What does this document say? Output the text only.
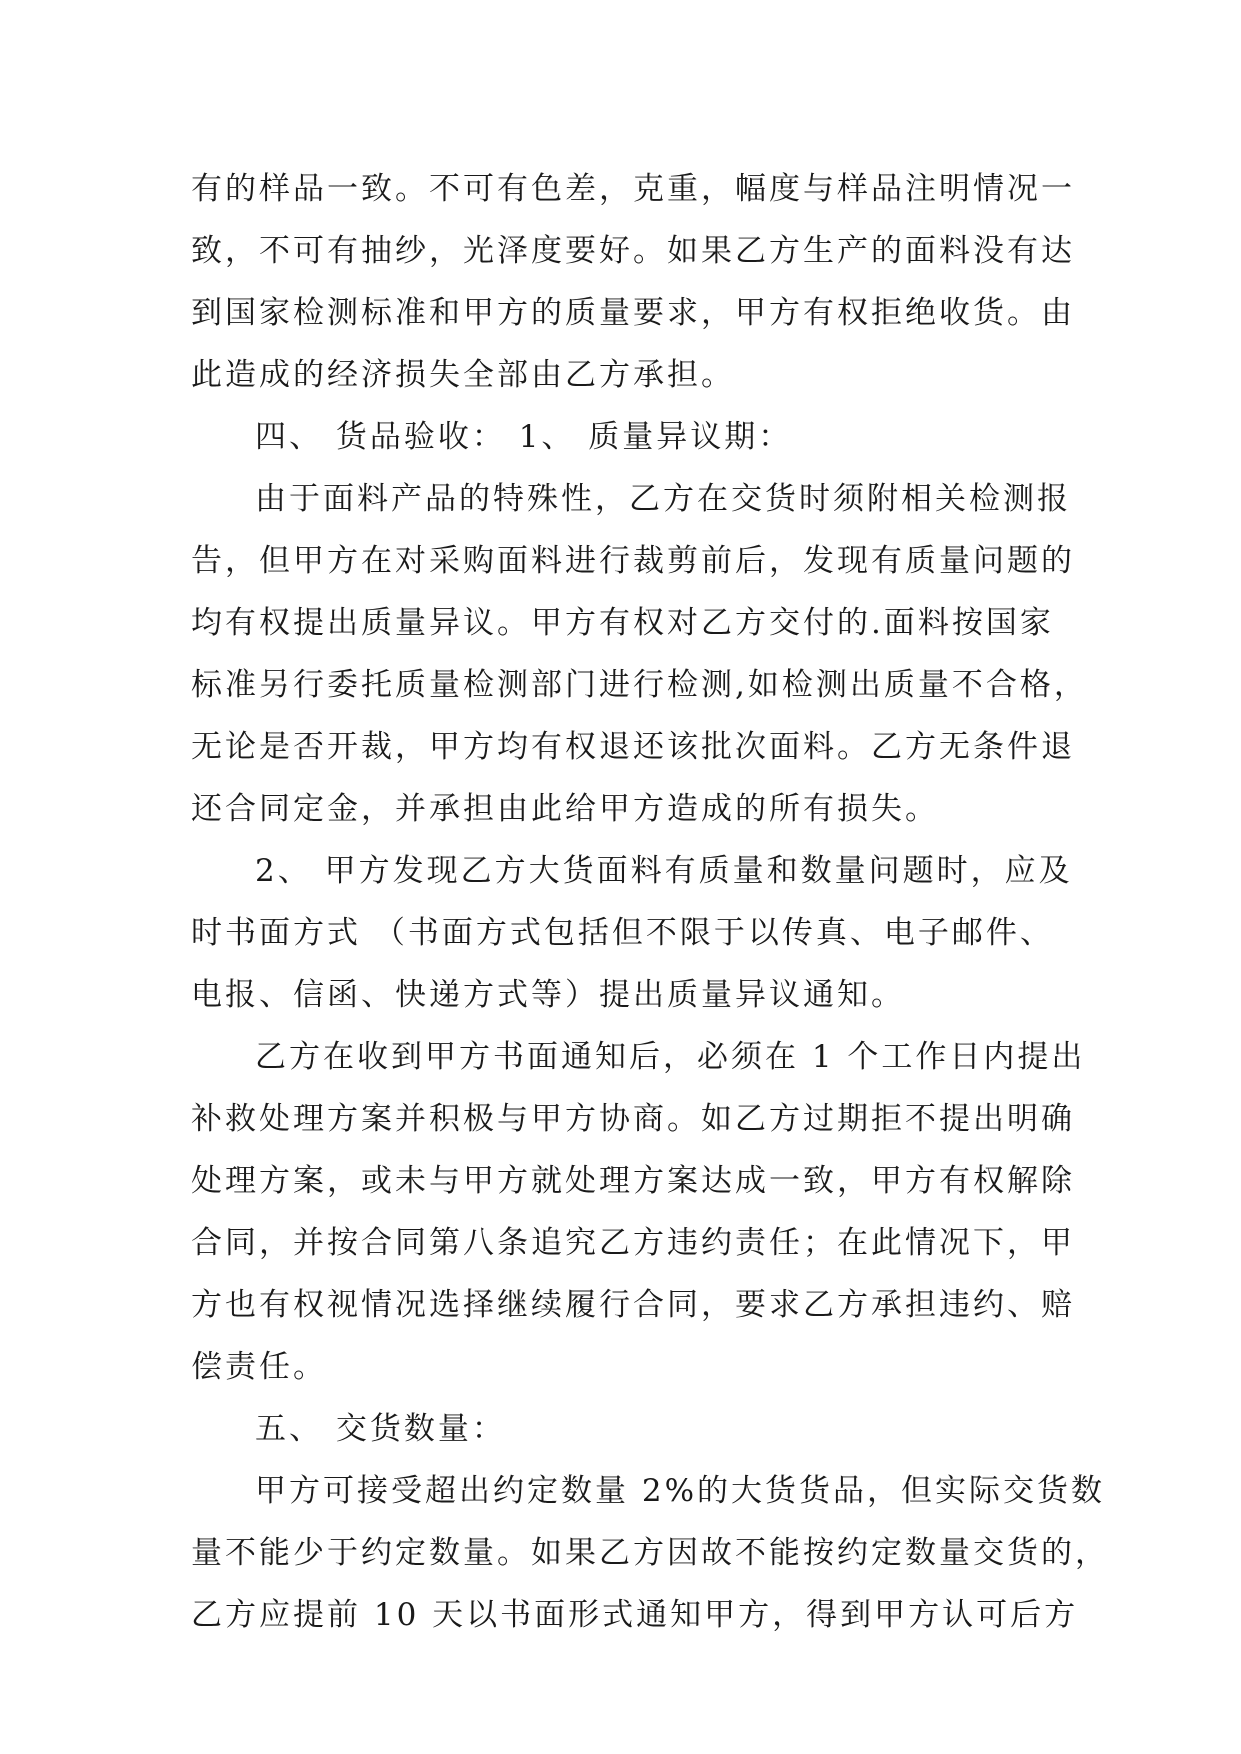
有的样品一致。不可有色差，克重，幅度与样品注明情况一
致，不可有抽纱，光泽度要好。如果乙方生产的面料没有达
到国家检测标准和甲方的质量要求，甲方有权拒绝收货。由
此造成的经济损失全部由乙方承担。
四、 货品验收： 1、 质量异议期：
由于面料产品的特殊性，乙方在交货时须附相关检测报
告，但甲方在对采购面料进行裁剪前后，发现有质量问题的
均有权提出质量异议。甲方有权对乙方交付的.面料按国家
标准另行委托质量检测部门进行检测,如检测出质量不合格，
无论是否开裁，甲方均有权退还该批次面料。乙方无条件退
还合同定金，并承担由此给甲方造成的所有损失。
2、 甲方发现乙方大货面料有质量和数量问题时，应及
时书面方式 （书面方式包括但不限于以传真、电子邮件、
电报、信函、快递方式等）提出质量异议通知。
乙方在收到甲方书面通知后，必须在 1 个工作日内提出
补救处理方案并积极与甲方协商。如乙方过期拒不提出明确
处理方案，或未与甲方就处理方案达成一致，甲方有权解除
合同，并按合同第八条追究乙方违约责任；在此情况下，甲
方也有权视情况选择继续履行合同，要求乙方承担违约、赔
偿责任。
五、 交货数量：
甲方可接受超出约定数量 2%的大货货品，但实际交货数
量不能少于约定数量。如果乙方因故不能按约定数量交货的，
乙方应提前 10 天以书面形式通知甲方，得到甲方认可后方
